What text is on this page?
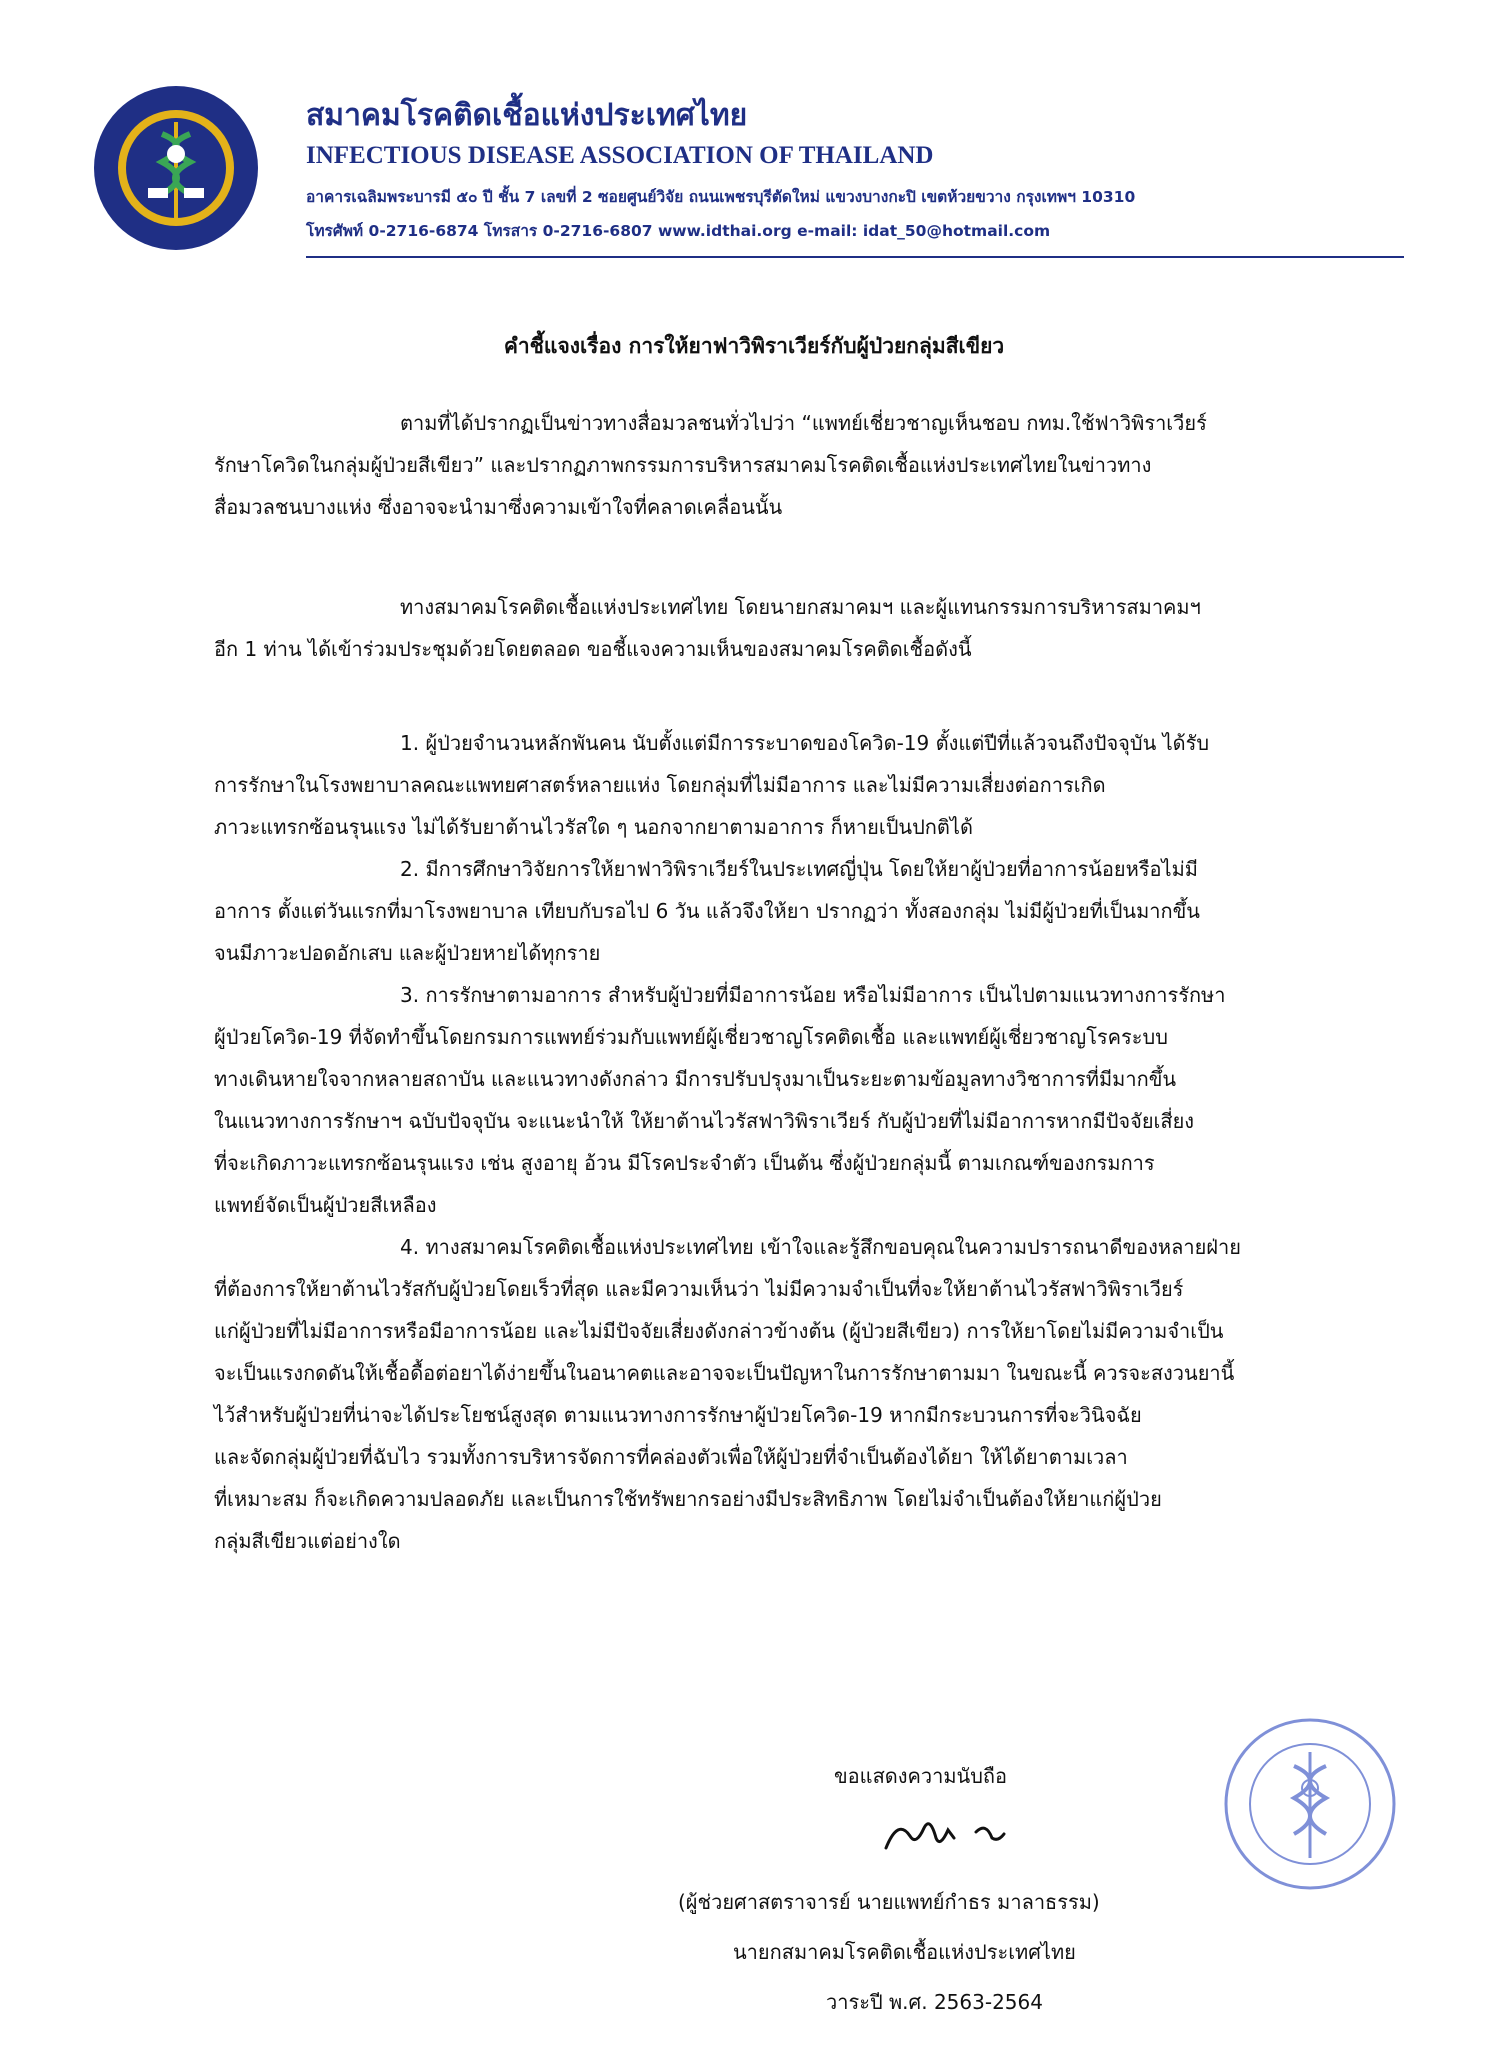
สมาคมโรคติดเชื้อแห่งประเทศไทย
INFECTIOUS DISEASE ASSOCIATION OF THAILAND
อาคารเฉลิมพระบารมี ๕๐ ปี ชั้น 7 เลขที่ 2 ซอยศูนย์วิจัย ถนนเพชรบุรีตัดใหม่ แขวงบางกะปิ เขตห้วยขวาง กรุงเทพฯ 10310
โทรศัพท์ 0-2716-6874 โทรสาร 0-2716-6807 www.idthai.org e-mail: idat_50@hotmail.com
คำชี้แจงเรื่อง การให้ยาฟาวิพิราเวียร์กับผู้ป่วยกลุ่มสีเขียว

ตามที่ได้ปรากฏเป็นข่าวทางสื่อมวลชนทั่วไปว่า “แพทย์เชี่ยวชาญเห็นชอบ กทม.ใช้ฟาวิพิราเวียร์

รักษาโควิดในกลุ่มผู้ป่วยสีเขียว” และปรากฏภาพกรรมการบริหารสมาคมโรคติดเชื้อแห่งประเทศไทยในข่าวทาง

สื่อมวลชนบางแห่ง ซึ่งอาจจะนำมาซึ่งความเข้าใจที่คลาดเคลื่อนนั้น

ทางสมาคมโรคติดเชื้อแห่งประเทศไทย โดยนายกสมาคมฯ และผู้แทนกรรมการบริหารสมาคมฯ

อีก 1 ท่าน ได้เข้าร่วมประชุมด้วยโดยตลอด ขอชี้แจงความเห็นของสมาคมโรคติดเชื้อดังนี้

1. ผู้ป่วยจำนวนหลักพันคน นับตั้งแต่มีการระบาดของโควิด-19 ตั้งแต่ปีที่แล้วจนถึงปัจจุบัน ได้รับ

การรักษาในโรงพยาบาลคณะแพทยศาสตร์หลายแห่ง โดยกลุ่มที่ไม่มีอาการ และไม่มีความเสี่ยงต่อการเกิด

ภาวะแทรกซ้อนรุนแรง ไม่ได้รับยาต้านไวรัสใด ๆ นอกจากยาตามอาการ ก็หายเป็นปกติได้

2. มีการศึกษาวิจัยการให้ยาฟาวิพิราเวียร์ในประเทศญี่ปุ่น โดยให้ยาผู้ป่วยที่อาการน้อยหรือไม่มี

อาการ ตั้งแต่วันแรกที่มาโรงพยาบาล เทียบกับรอไป 6 วัน แล้วจึงให้ยา ปรากฏว่า ทั้งสองกลุ่ม ไม่มีผู้ป่วยที่เป็นมากขึ้น

จนมีภาวะปอดอักเสบ และผู้ป่วยหายได้ทุกราย

3. การรักษาตามอาการ สำหรับผู้ป่วยที่มีอาการน้อย หรือไม่มีอาการ เป็นไปตามแนวทางการรักษา

ผู้ป่วยโควิด-19 ที่จัดทำขึ้นโดยกรมการแพทย์ร่วมกับแพทย์ผู้เชี่ยวชาญโรคติดเชื้อ และแพทย์ผู้เชี่ยวชาญโรคระบบ

ทางเดินหายใจจากหลายสถาบัน และแนวทางดังกล่าว มีการปรับปรุงมาเป็นระยะตามข้อมูลทางวิชาการที่มีมากขึ้น

ในแนวทางการรักษาฯ ฉบับปัจจุบัน จะแนะนำให้ ให้ยาต้านไวรัสฟาวิพิราเวียร์ กับผู้ป่วยที่ไม่มีอาการหากมีปัจจัยเสี่ยง

ที่จะเกิดภาวะแทรกซ้อนรุนแรง เช่น สูงอายุ อ้วน มีโรคประจำตัว เป็นต้น ซึ่งผู้ป่วยกลุ่มนี้ ตามเกณฑ์ของกรมการ

แพทย์จัดเป็นผู้ป่วยสีเหลือง

4. ทางสมาคมโรคติดเชื้อแห่งประเทศไทย เข้าใจและรู้สึกขอบคุณในความปรารถนาดีของหลายฝ่าย

ที่ต้องการให้ยาต้านไวรัสกับผู้ป่วยโดยเร็วที่สุด และมีความเห็นว่า ไม่มีความจำเป็นที่จะให้ยาต้านไวรัสฟาวิพิราเวียร์

แก่ผู้ป่วยที่ไม่มีอาการหรือมีอาการน้อย และไม่มีปัจจัยเสี่ยงดังกล่าวข้างต้น (ผู้ป่วยสีเขียว) การให้ยาโดยไม่มีความจำเป็น

จะเป็นแรงกดดันให้เชื้อดื้อต่อยาได้ง่ายขึ้นในอนาคตและอาจจะเป็นปัญหาในการรักษาตามมา ในขณะนี้ ควรจะสงวนยานี้

ไว้สำหรับผู้ป่วยที่น่าจะได้ประโยชน์สูงสุด ตามแนวทางการรักษาผู้ป่วยโควิด-19 หากมีกระบวนการที่จะวินิจฉัย

และจัดกลุ่มผู้ป่วยที่ฉับไว รวมทั้งการบริหารจัดการที่คล่องตัวเพื่อให้ผู้ป่วยที่จำเป็นต้องได้ยา ให้ได้ยาตามเวลา

ที่เหมาะสม ก็จะเกิดความปลอดภัย และเป็นการใช้ทรัพยากรอย่างมีประสิทธิภาพ โดยไม่จำเป็นต้องให้ยาแก่ผู้ป่วย

กลุ่มสีเขียวแต่อย่างใด

ขอแสดงความนับถือ
(ผู้ช่วยศาสตราจารย์ นายแพทย์กำธร มาลาธรรม)
นายกสมาคมโรคติดเชื้อแห่งประเทศไทย
วาระปี พ.ศ. 2563-2564
